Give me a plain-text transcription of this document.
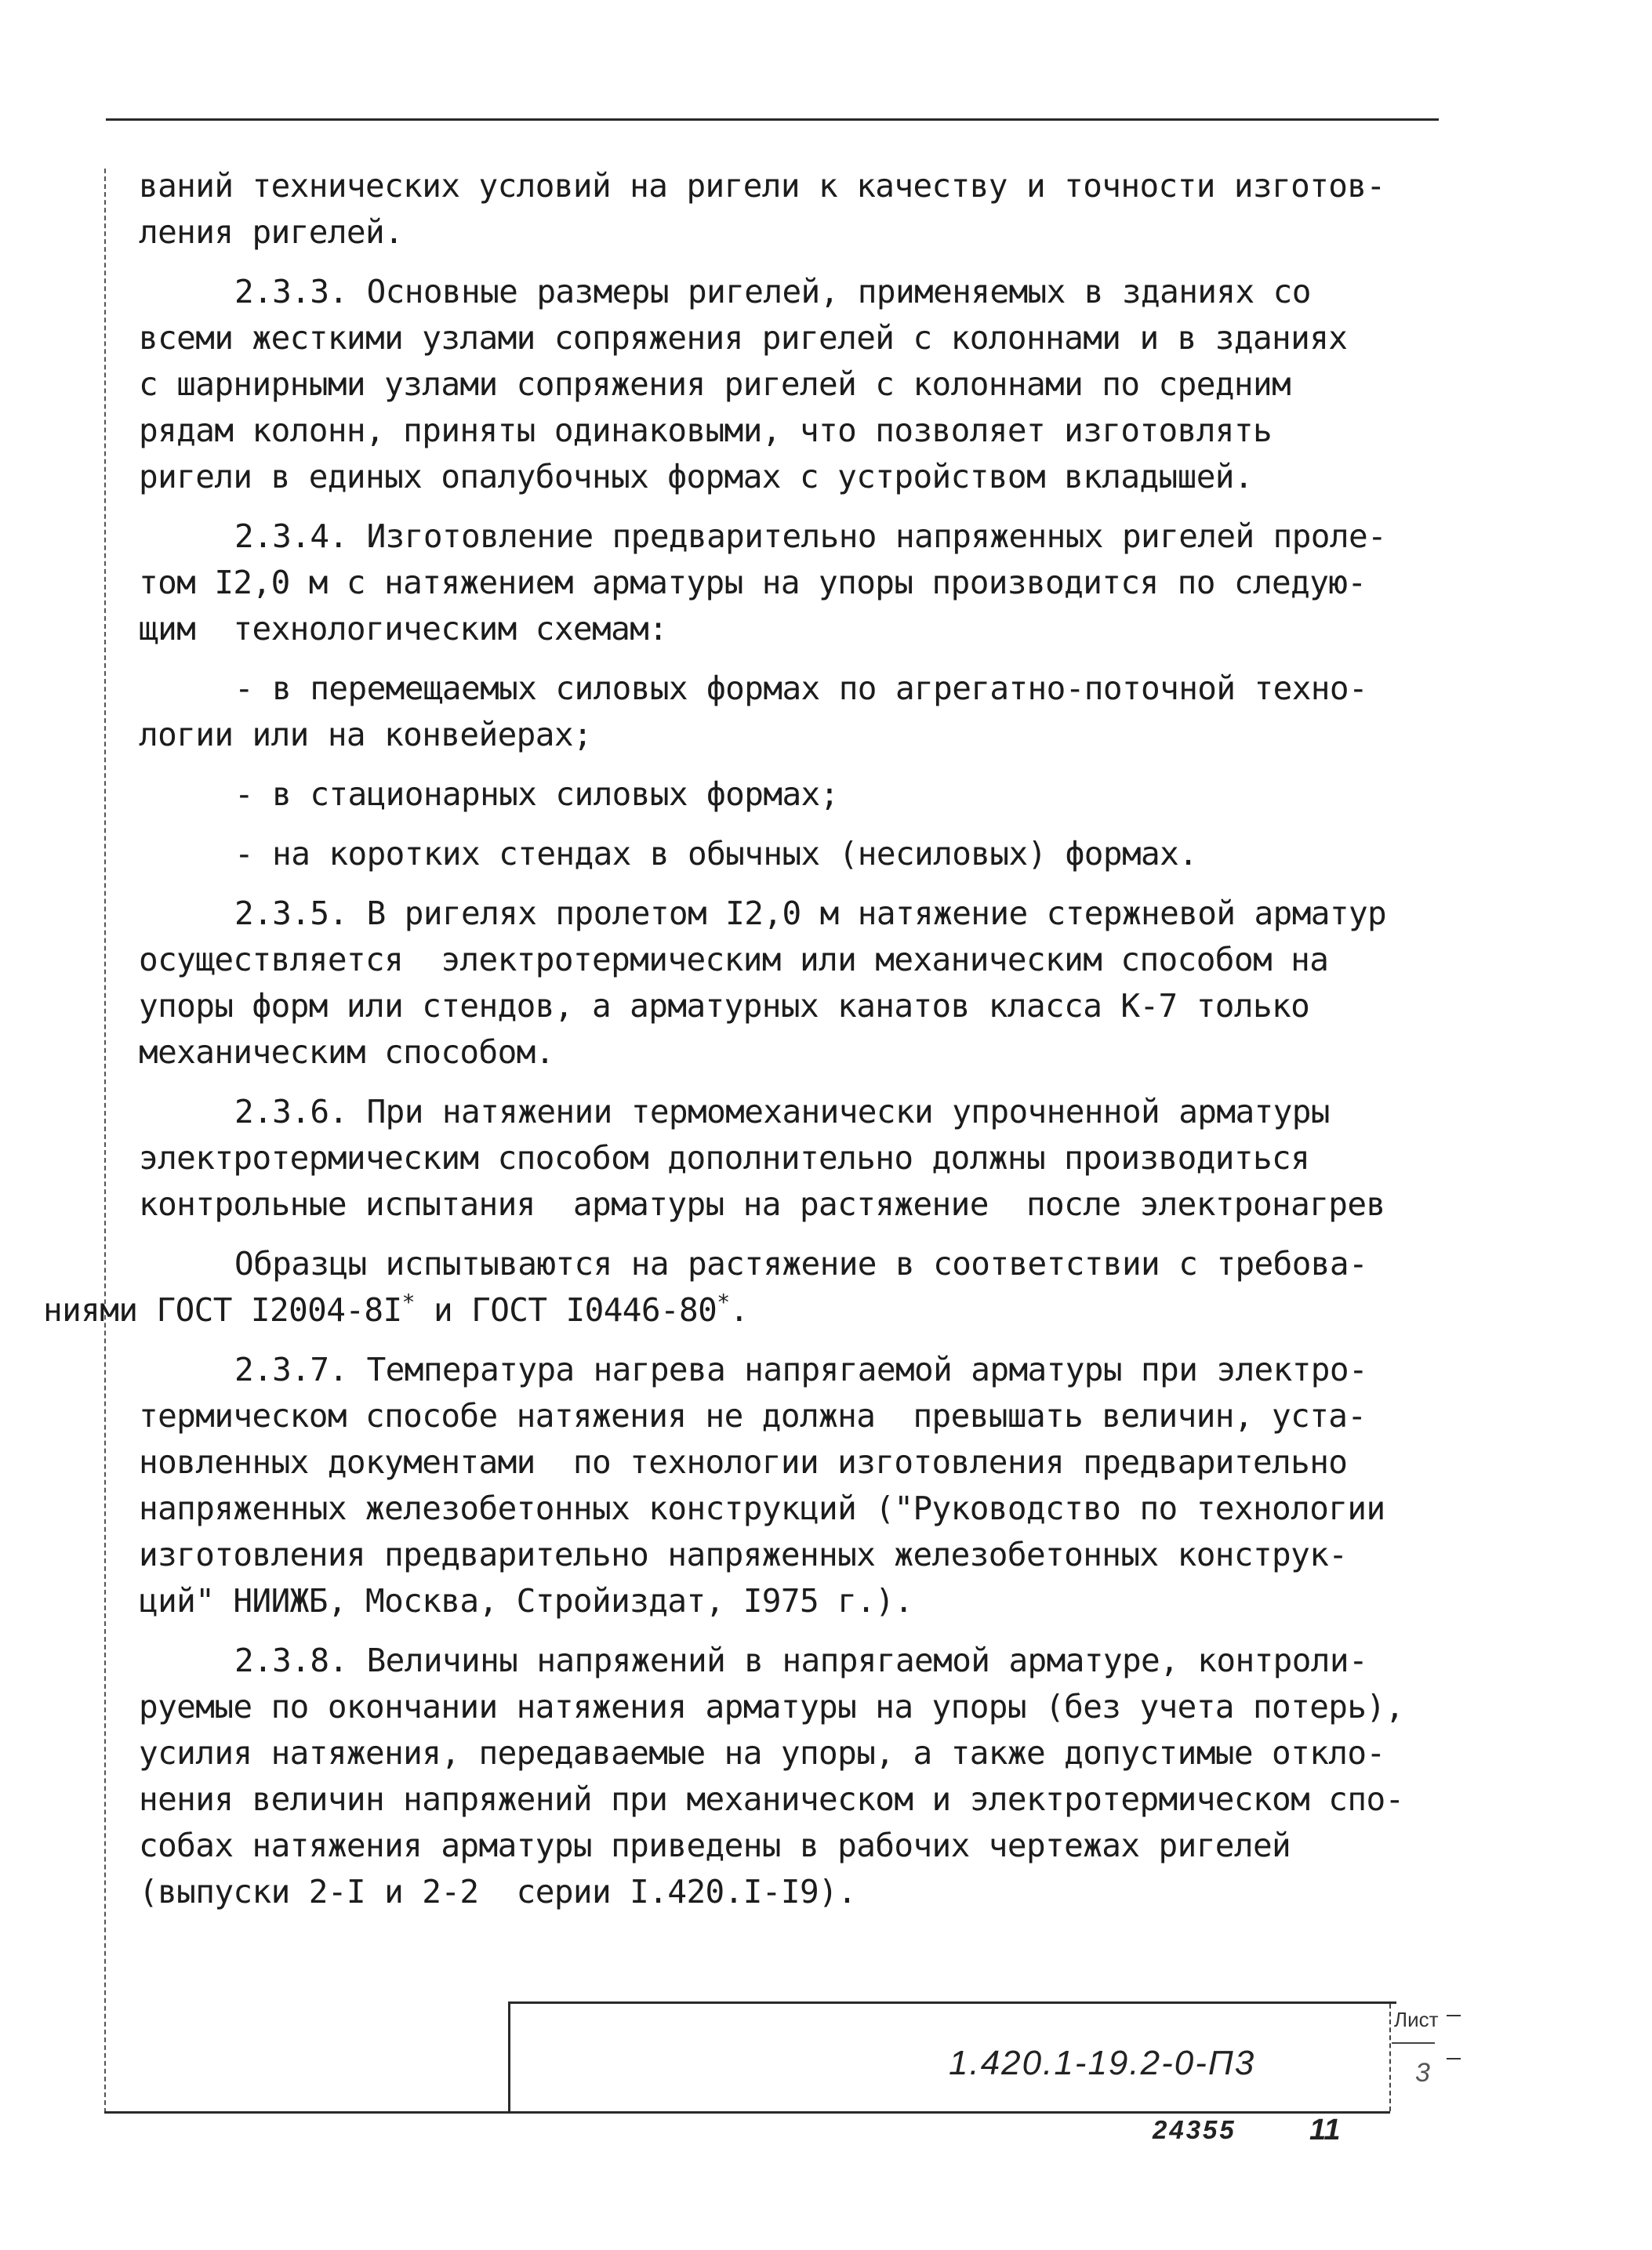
ваний технических условий на ригели к качеству и точности изготов-
ления ригелей.

2.3.3. Основные размеры ригелей, применяемых в зданиях со
всеми жесткими узлами сопряжения ригелей с колоннами и в зданиях
с шарнирными узлами сопряжения ригелей с колоннами по средним
рядам колонн, приняты одинаковыми, что позволяет изготовлять
ригели в единых опалубочных формах с устройством вкладышей.

2.3.4. Изготовление предварительно напряженных ригелей проле-
том I2,0 м с натяжением арматуры на упоры производится по следую-
щим  технологическим схемам:

- в перемещаемых силовых формах по агрегатно-поточной техно-
логии или на конвейерах;

- в стационарных силовых формах;

- на коротких стендах в обычных (несиловых) формах.

2.3.5. В ригелях пролетом I2,0 м натяжение стержневой арматур
осуществляется  электротермическим или механическим способом на
упоры форм или стендов, а арматурных канатов класса К-7 только
механическим способом.

2.3.6. При натяжении термомеханически упрочненной арматуры
электротермическим способом дополнительно должны производиться
контрольные испытания  арматуры на растяжение  после электронагрев

Образцы испытываются на растяжение в соответствии с требова-
ниями ГОСТ I2004-8I* и ГОСТ I0446-80*.

2.3.7. Температура нагрева напрягаемой арматуры при электро-
термическом способе натяжения не должна  превышать величин, уста-
новленных документами  по технологии изготовления предварительно
напряженных железобетонных конструкций ("Руководство по технологии
изготовления предварительно напряженных железобетонных конструк-
ций" НИИЖБ, Москва, Стройиздат, I975 г.).

2.3.8. Величины напряжений в напрягаемой арматуре, контроли-
руемые по окончании натяжения арматуры на упоры (без учета потерь),
усилия натяжения, передаваемые на упоры, а также допустимые откло-
нения величин напряжений при механическом и электротермическом спо-
собах натяжения арматуры приведены в рабочих чертежах ригелей
(выпуски 2-I и 2-2  серии I.420.I-I9).

1.420.1-19.2-0-П3
Лист
3
24355 11
